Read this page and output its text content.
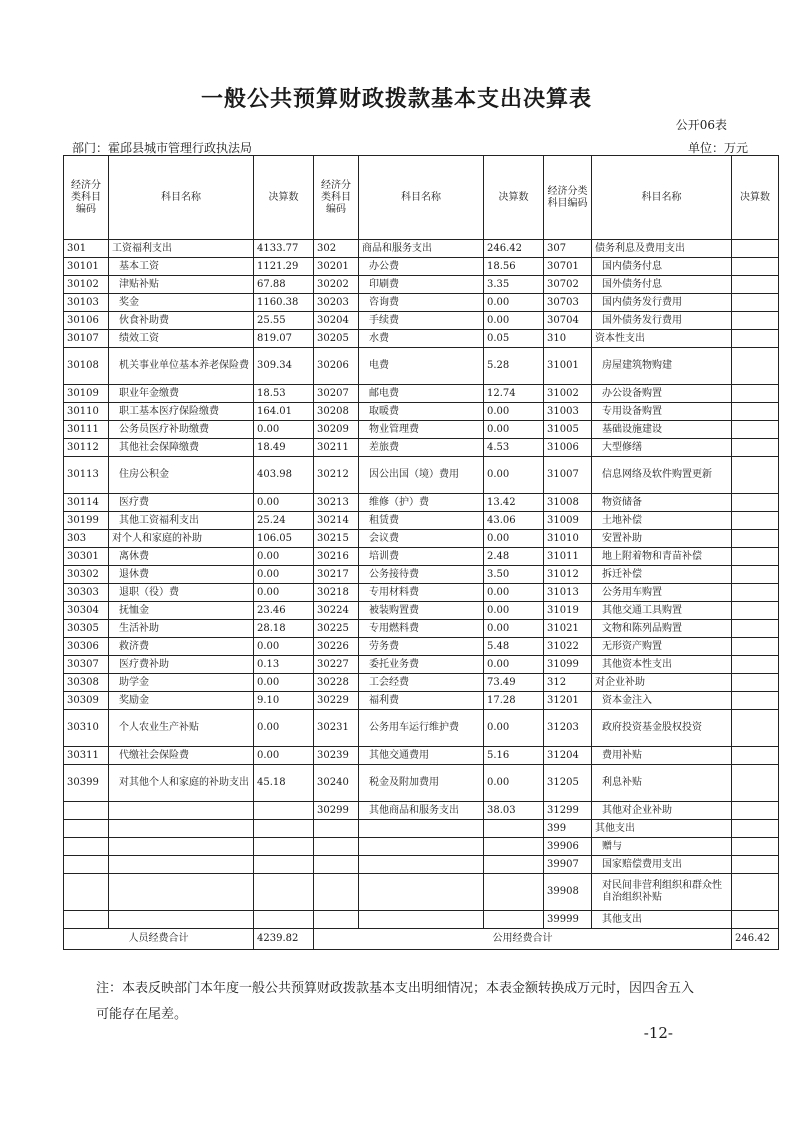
一般公共预算财政拨款基本支出决算表
公开06表
部门：霍邱县城市管理行政执法局	单位：万元
经济分类科目编码	科目名称	决算数	经济分类科目编码	科目名称	决算数	经济分类科目编码	科目名称	决算数
301	工资福利支出	4133.77	302	商品和服务支出	246.42	307	债务利息及费用支出	
30101	基本工资	1121.29	30201	办公费	18.56	30701	国内债务付息	
30102	津贴补贴	67.88	30202	印刷费	3.35	30702	国外债务付息	
30103	奖金	1160.38	30203	咨询费	0.00	30703	国内债务发行费用	
30106	伙食补助费	25.55	30204	手续费	0.00	30704	国外债务发行费用	
30107	绩效工资	819.07	30205	水费	0.05	310	资本性支出	
30108	机关事业单位基本养老保险费	309.34	30206	电费	5.28	31001	房屋建筑物购建	
30109	职业年金缴费	18.53	30207	邮电费	12.74	31002	办公设备购置	
30110	职工基本医疗保险缴费	164.01	30208	取暖费	0.00	31003	专用设备购置	
30111	公务员医疗补助缴费	0.00	30209	物业管理费	0.00	31005	基础设施建设	
30112	其他社会保障缴费	18.49	30211	差旅费	4.53	31006	大型修缮	
30113	住房公积金	403.98	30212	因公出国（境）费用	0.00	31007	信息网络及软件购置更新	
30114	医疗费	0.00	30213	维修（护）费	13.42	31008	物资储备	
30199	其他工资福利支出	25.24	30214	租赁费	43.06	31009	土地补偿	
303	对个人和家庭的补助	106.05	30215	会议费	0.00	31010	安置补助	
30301	离休费	0.00	30216	培训费	2.48	31011	地上附着物和青苗补偿	
30302	退休费	0.00	30217	公务接待费	3.50	31012	拆迁补偿	
30303	退职（役）费	0.00	30218	专用材料费	0.00	31013	公务用车购置	
30304	抚恤金	23.46	30224	被装购置费	0.00	31019	其他交通工具购置	
30305	生活补助	28.18	30225	专用燃料费	0.00	31021	文物和陈列品购置	
30306	救济费	0.00	30226	劳务费	5.48	31022	无形资产购置	
30307	医疗费补助	0.13	30227	委托业务费	0.00	31099	其他资本性支出	
30308	助学金	0.00	30228	工会经费	73.49	312	对企业补助	
30309	奖励金	9.10	30229	福利费	17.28	31201	资本金注入	
30310	个人农业生产补贴	0.00	30231	公务用车运行维护费	0.00	31203	政府投资基金股权投资	
30311	代缴社会保险费	0.00	30239	其他交通费用	5.16	31204	费用补贴	
30399	对其他个人和家庭的补助支出	45.18	30240	税金及附加费用	0.00	31205	利息补贴	
			30299	其他商品和服务支出	38.03	31299	其他对企业补助	
						399	其他支出	
						39906	赠与	
						39907	国家赔偿费用支出	
						39908	对民间非营利组织和群众性自治组织补贴	
						39999	其他支出	
人员经费合计		4239.82	公用经费合计					246.42
注：本表反映部门本年度一般公共预算财政拨款基本支出明细情况；本表金额转换成万元时，因四舍五入可能存在尾差。
-12-
